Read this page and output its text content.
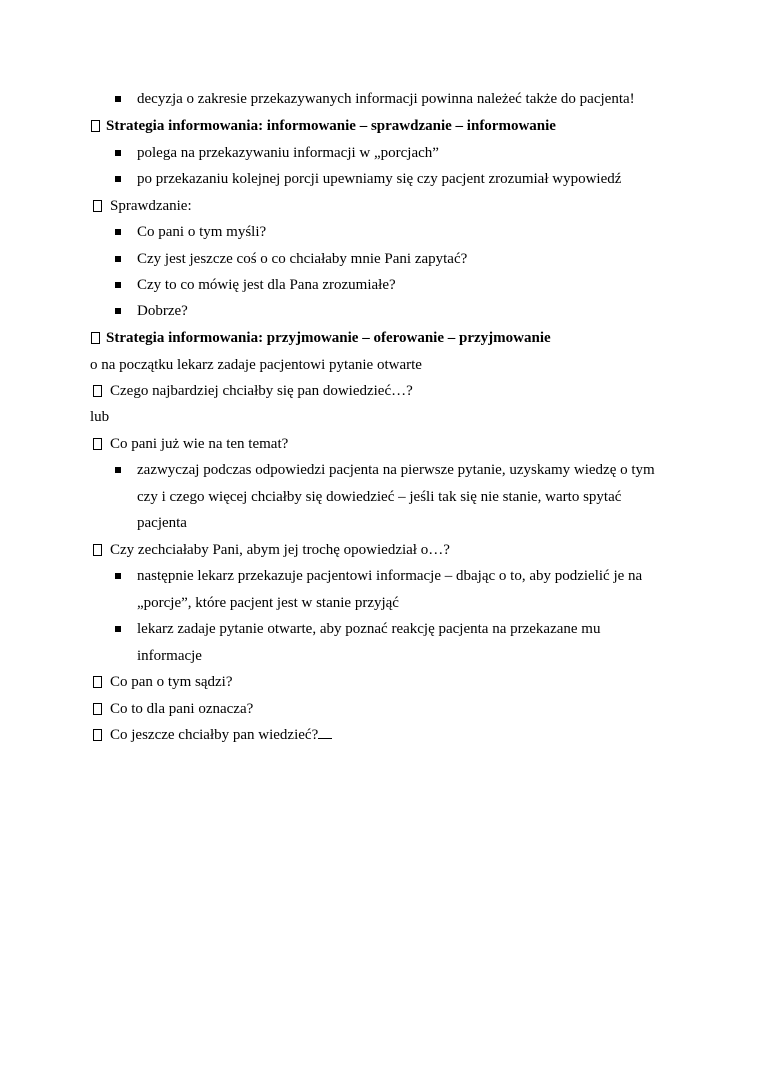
decyzja o zakresie przekazywanych informacji powinna należeć także do pacjenta!
Strategia informowania: informowanie – sprawdzanie – informowanie
polega na przekazywaniu informacji w „porcjach”
po przekazaniu kolejnej porcji upewniamy się czy pacjent zrozumiał wypowiedź
Sprawdzanie:
Co pani o tym myśli?
Czy jest jeszcze coś o co chciałaby mnie Pani zapytać?
Czy to co mówię jest dla Pana zrozumiałe?
Dobrze?
Strategia informowania: przyjmowanie – oferowanie – przyjmowanie
o na początku lekarz zadaje pacjentowi pytanie otwarte
Czego najbardziej chciałby się pan dowiedzieć…?
lub
Co pani już wie na ten temat?
zazwyczaj podczas odpowiedzi pacjenta na pierwsze pytanie, uzyskamy wiedzę o tym
czy i czego więcej chciałby się dowiedzieć – jeśli tak się nie stanie, warto spytać
pacjenta
Czy zechciałaby Pani, abym jej trochę opowiedział o…?
następnie lekarz przekazuje pacjentowi informacje – dbając o to, aby podzielić je na
„porcje”, które pacjent jest w stanie przyjąć
lekarz zadaje pytanie otwarte, aby poznać reakcję pacjenta na przekazane mu
informacje
Co pan o tym sądzi?
Co to dla pani oznacza?
Co jeszcze chciałby pan wiedzieć?
